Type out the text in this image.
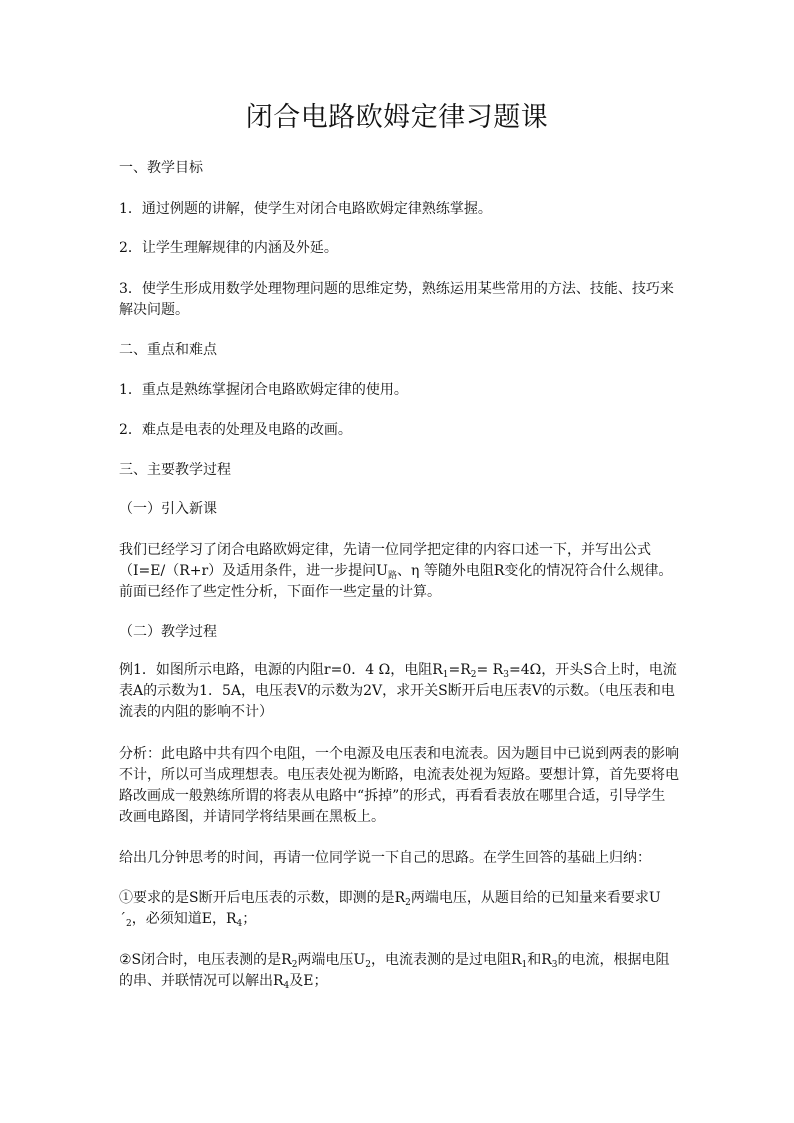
闭合电路欧姆定律习题课

一、教学目标

1．通过例题的讲解，使学生对闭合电路欧姆定律熟练掌握。

2．让学生理解规律的内涵及外延。

3．使学生形成用数学处理物理问题的思维定势，熟练运用某些常用的方法、技能、技巧来解决问题。

二、重点和难点

1．重点是熟练掌握闭合电路欧姆定律的使用。

2．难点是电表的处理及电路的改画。

三、主要教学过程

（一）引入新课

我们已经学习了闭合电路欧姆定律，先请一位同学把定律的内容口述一下，并写出公式（I=E/（R+r）及适用条件，进一步提问$U_路$、η 等随外电阻R变化的情况符合什么规律。前面已经作了些定性分析，下面作一些定量的计算。

（二）教学过程

例1．如图所示电路，电源的内阻r=0．4 Ω，电阻$R_1=R_2= R_3=4\Omega$，开头S合上时，电流表A的示数为1．5A，电压表V的示数为2V，求开关S断开后电压表V的示数。（电压表和电流表的内阻的影响不计）

分析：此电路中共有四个电阻，一个电源及电压表和电流表。因为题目中已说到两表的影响不计，所以可当成理想表。电压表处视为断路，电流表处视为短路。要想计算，首先要将电路改画成一般熟练所谓的将表从电路中“拆掉”的形式，再看看表放在哪里合适，引导学生改画电路图，并请同学将结果画在黑板上。

给出几分钟思考的时间，再请一位同学说一下自己的思路。在学生回答的基础上归纳：

①要求的是S断开后电压表的示数，即测的是$R_2$两端电压，从题目给的已知量来看要求$U´_2$，必须知道E，$R_4$；

②S闭合时，电压表测的是$R_2$两端电压$U_2$，电流表测的是过电阻$R_1$和$R_3$的电流，根据电阻的串、并联情况可以解出$R_4$及E；
